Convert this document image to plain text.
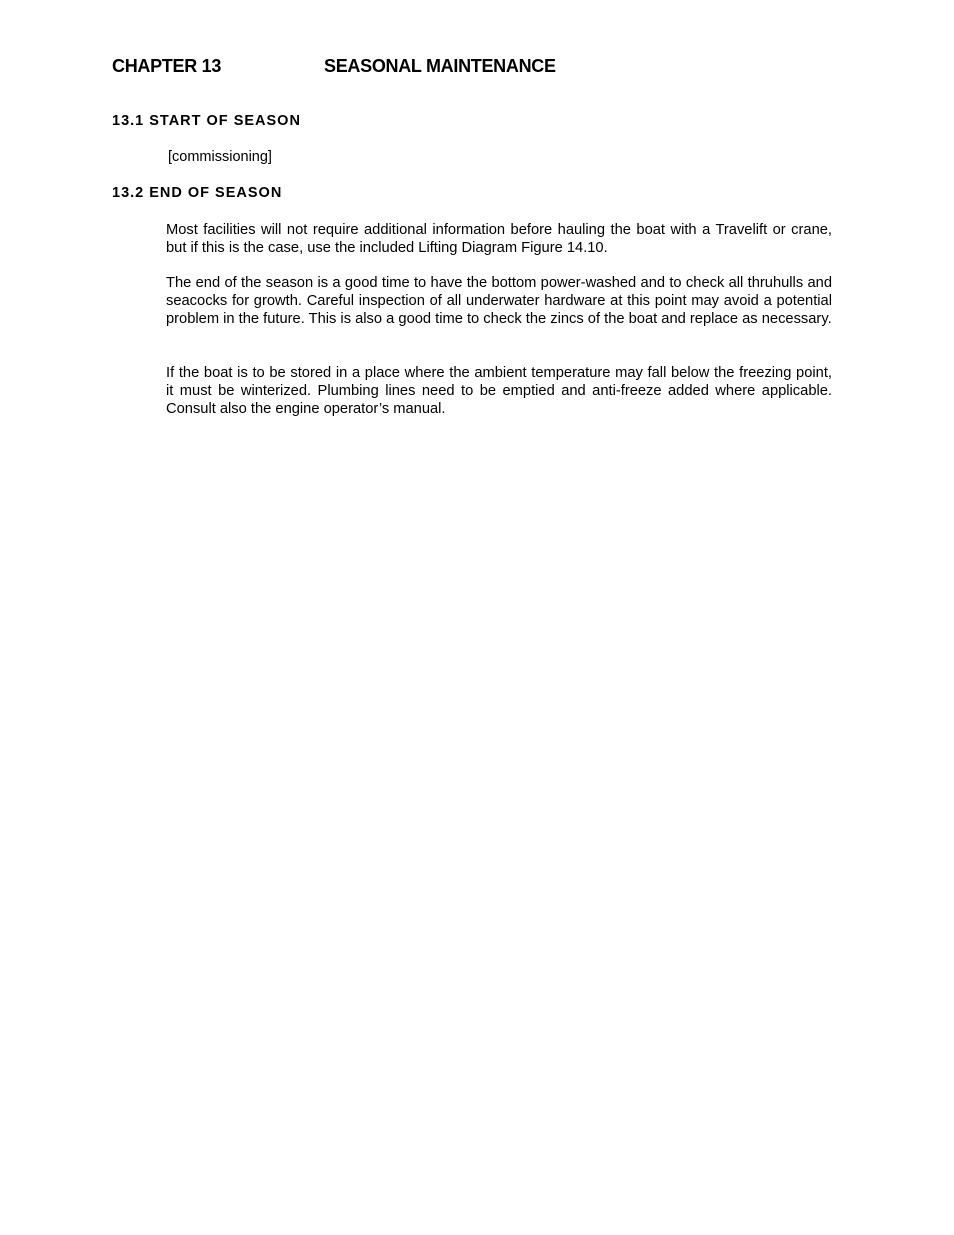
CHAPTER 13	SEASONAL MAINTENANCE
13.1 START OF SEASON
[commissioning]
13.2 END OF SEASON

Most facilities will not require additional information before hauling the boat with a Travelift or crane, but if this is the case, use the included Lifting Diagram Figure 14.10.

The end of the season is a good time to have the bottom power-washed and to check all thruhulls and seacocks for growth. Careful inspection of all underwater hardware at this point may avoid a potential problem in the future. This is also a good time to check the zincs of the boat and replace as necessary.

If the boat is to be stored in a place where the ambient temperature may fall below the freezing point, it must be winterized. Plumbing lines need to be emptied and anti-freeze added where applicable. Consult also the engine operator’s manual.
